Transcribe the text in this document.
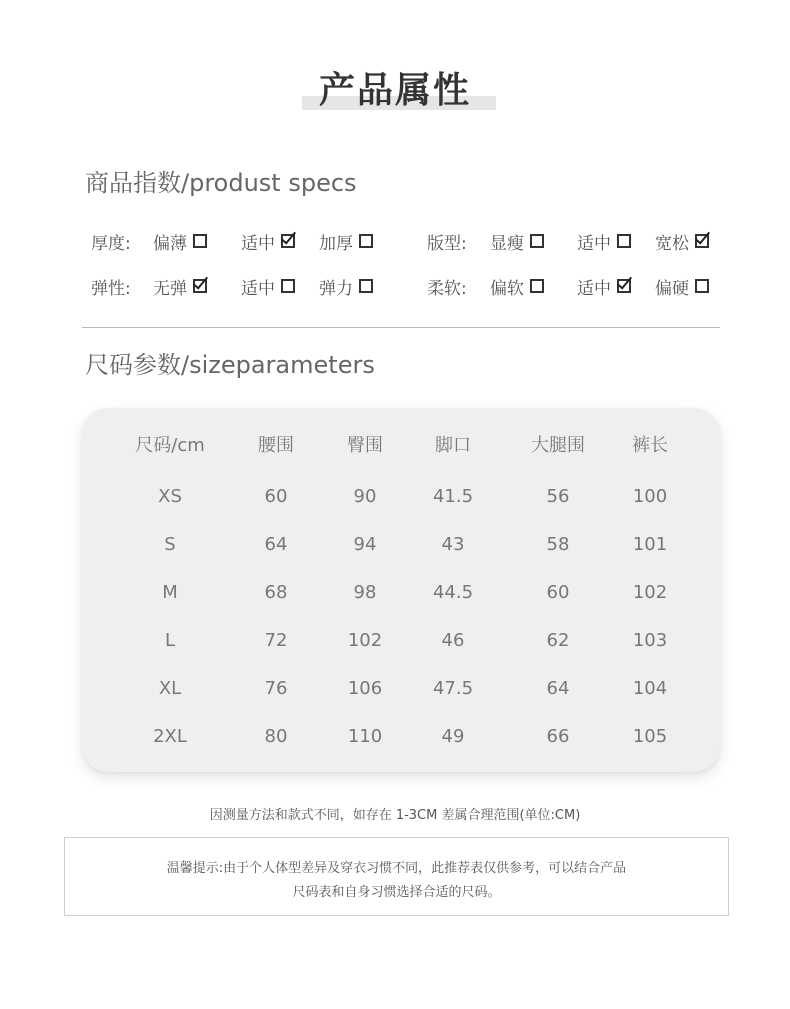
产品属性
商品指数/produst specs
厚度: 偏薄	适中	加厚	版型: 显瘦	适中	宽松
弹性: 无弹	适中	弹力	柔软: 偏软	适中	偏硬
尺码参数/sizeparameters
尺码/cm	腰围	臀围	脚口	大腿围	裤长
XS	60	90	41.5	56	100
S	64	94	43	58	101
M	68	98	44.5	60	102
L	72	102	46	62	103
XL	76	106	47.5	64	104
2XL	80	110	49	66	105
因测量方法和款式不同，如存在 1-3CM 差属合理范围(单位:CM)
温馨提示:由于个人体型差异及穿衣习惯不同，此推荐表仅供参考，可以结合产品
尺码表和自身习惯选择合适的尺码。
